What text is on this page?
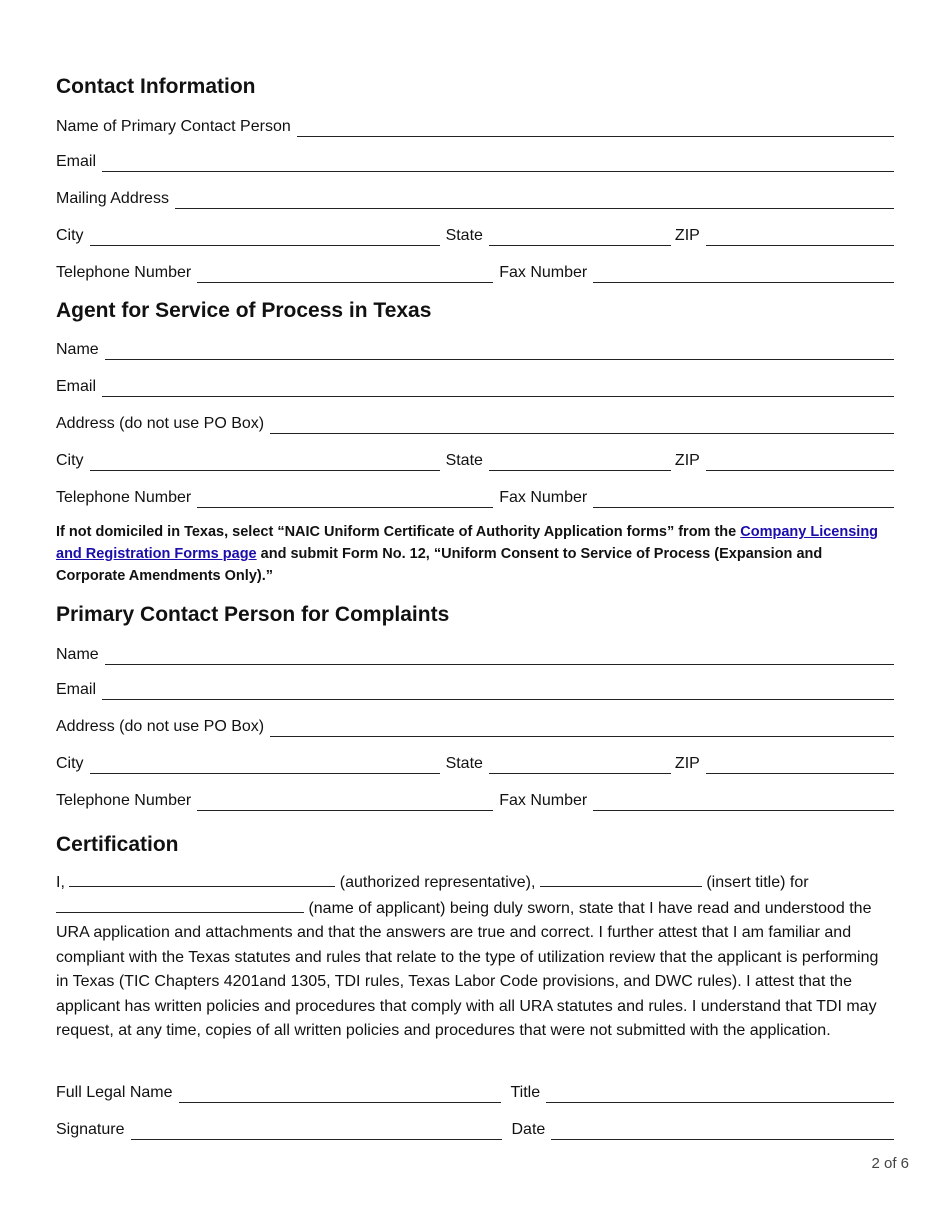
Contact Information
Name of Primary Contact Person
Email
Mailing Address
City	State	ZIP
Telephone Number	Fax Number
Agent for Service of Process in Texas
Name
Email
Address (do not use PO Box)
City	State	ZIP
Telephone Number	Fax Number
If not domiciled in Texas, select “NAIC Uniform Certificate of Authority Application forms” from the Company Licensing and Registration Forms page and submit Form No. 12, “Uniform Consent to Service of Process (Expansion and Corporate Amendments Only).”
Primary Contact Person for Complaints
Name
Email
Address (do not use PO Box)
City	State	ZIP
Telephone Number	Fax Number
Certification
I,	(authorized representative),	(insert title) for
(name of applicant) being duly sworn, state that I have read and understood the URA application and attachments and that the answers are true and correct. I further attest that I am familiar and compliant with the Texas statutes and rules that relate to the type of utilization review that the applicant is performing in Texas (TIC Chapters 4201and 1305, TDI rules, Texas Labor Code provisions, and DWC rules). I attest that the applicant has written policies and procedures that comply with all URA statutes and rules. I understand that TDI may request, at any time, copies of all written policies and procedures that were not submitted with the application.
Full Legal Name	Title
Signature	Date
2 of 6
